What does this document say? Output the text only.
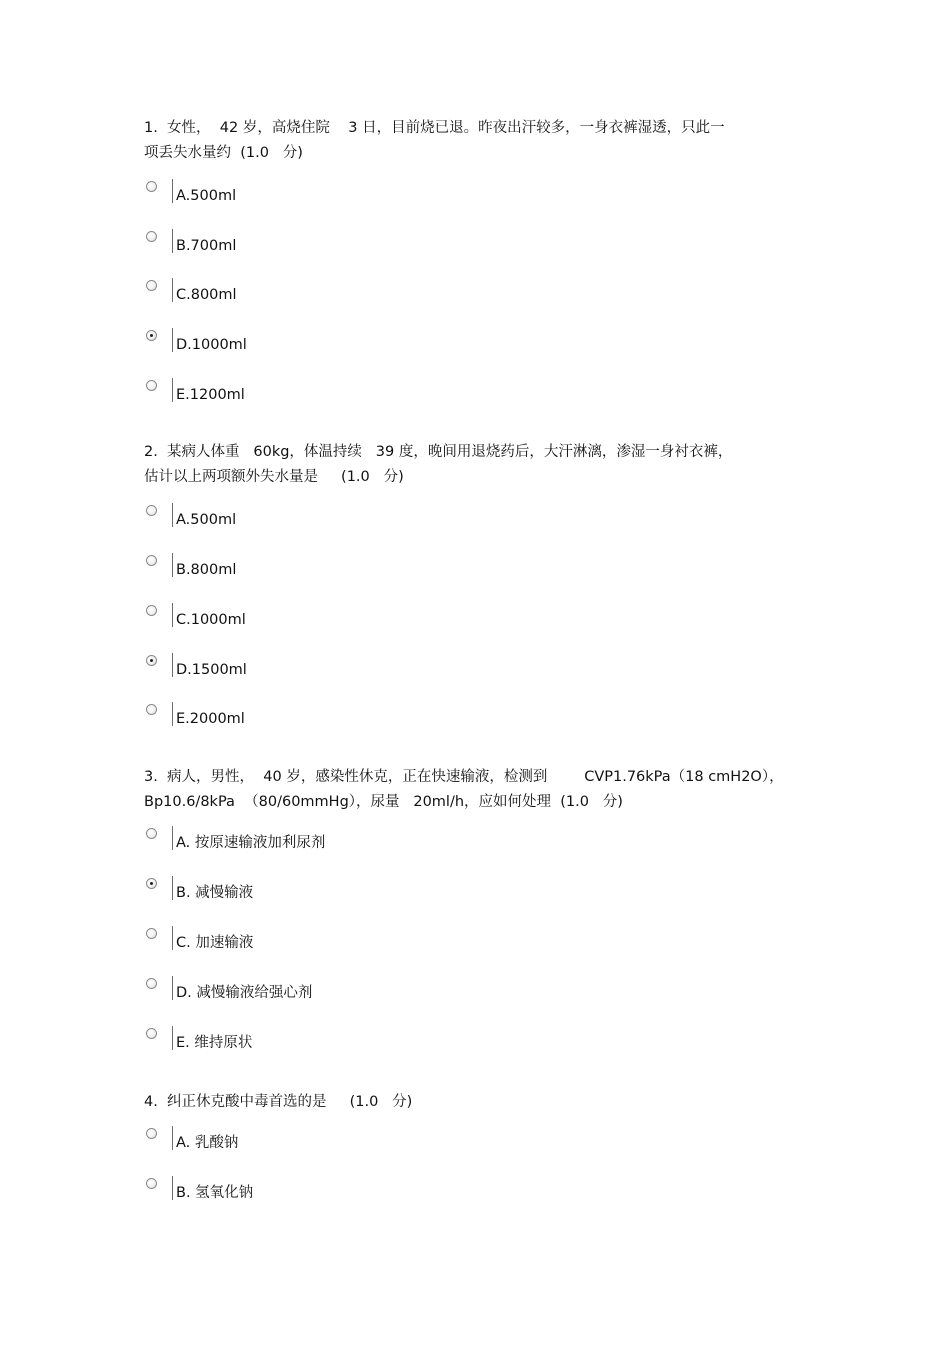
1.  女性，  42 岁，高烧住院    3 日，目前烧已退。昨夜出汗较多，一身衣裤湿透，只此一

项丢失水量约  (1.0   分)

A.500ml
B.700ml
C.800ml
D.1000ml
E.1200ml

2.  某病人体重   60kg，体温持续   39 度，晚间用退烧药后，大汗淋漓，渗湿一身衬衣裤，

估计以上两项额外失水量是     (1.0   分)

A.500ml
B.800ml
C.1000ml
D.1500ml
E.2000ml

3.  病人，男性，  40 岁，感染性休克，正在快速输液，检测到        CVP1.76kPa（18 cmH2O），

Bp10.6/8kPa  （80/60mmHg），尿量   20ml/h，应如何处理  (1.0   分)

A. 按原速输液加利尿剂
B. 减慢输液
C. 加速输液
D. 减慢输液给强心剂
E. 维持原状

4.  纠正休克酸中毒首选的是     (1.0   分)

A. 乳酸钠
B. 氢氧化钠
